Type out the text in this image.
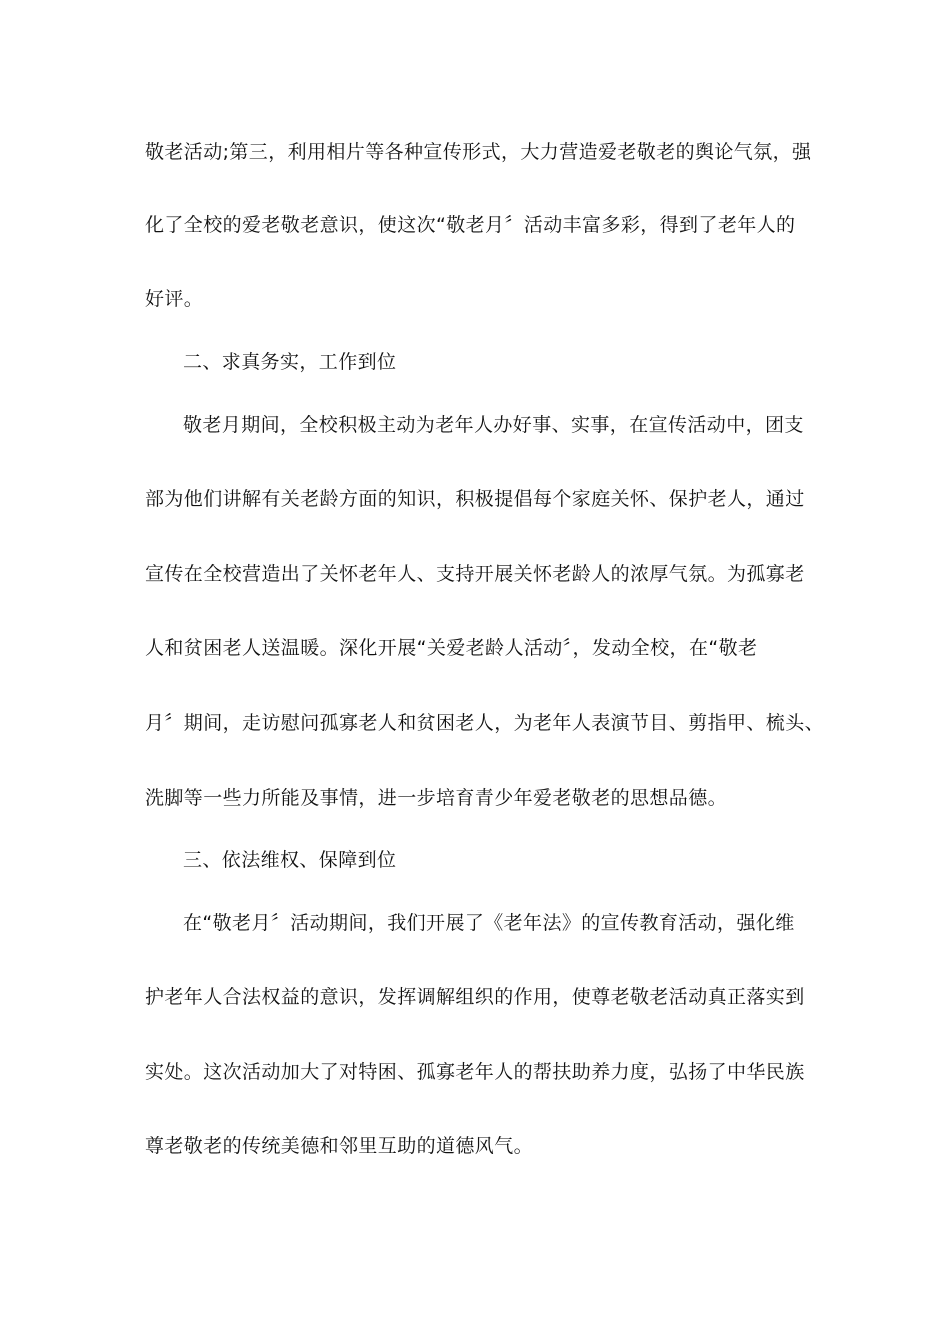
敬老活动;第三，利用相片等各种宣传形式，大力营造爱老敬老的舆论气氛，强
化了全校的爱老敬老意识，使这次“敬老月〞活动丰富多彩，得到了老年人的
好评。
二、求真务实，工作到位
敬老月期间，全校积极主动为老年人办好事、实事，在宣传活动中，团支
部为他们讲解有关老龄方面的知识，积极提倡每个家庭关怀、保护老人，通过
宣传在全校营造出了关怀老年人、支持开展关怀老龄人的浓厚气氛。为孤寡老
人和贫困老人送温暖。深化开展“关爱老龄人活动〞，发动全校，在“敬老
月〞期间，走访慰问孤寡老人和贫困老人，为老年人表演节目、剪指甲、梳头、
洗脚等一些力所能及事情，进一步培育青少年爱老敬老的思想品德。
三、依法维权、保障到位
在“敬老月〞活动期间，我们开展了《老年法》的宣传教育活动，强化维
护老年人合法权益的意识，发挥调解组织的作用，使尊老敬老活动真正落实到
实处。这次活动加大了对特困、孤寡老年人的帮扶助养力度，弘扬了中华民族
尊老敬老的传统美德和邻里互助的道德风气。
